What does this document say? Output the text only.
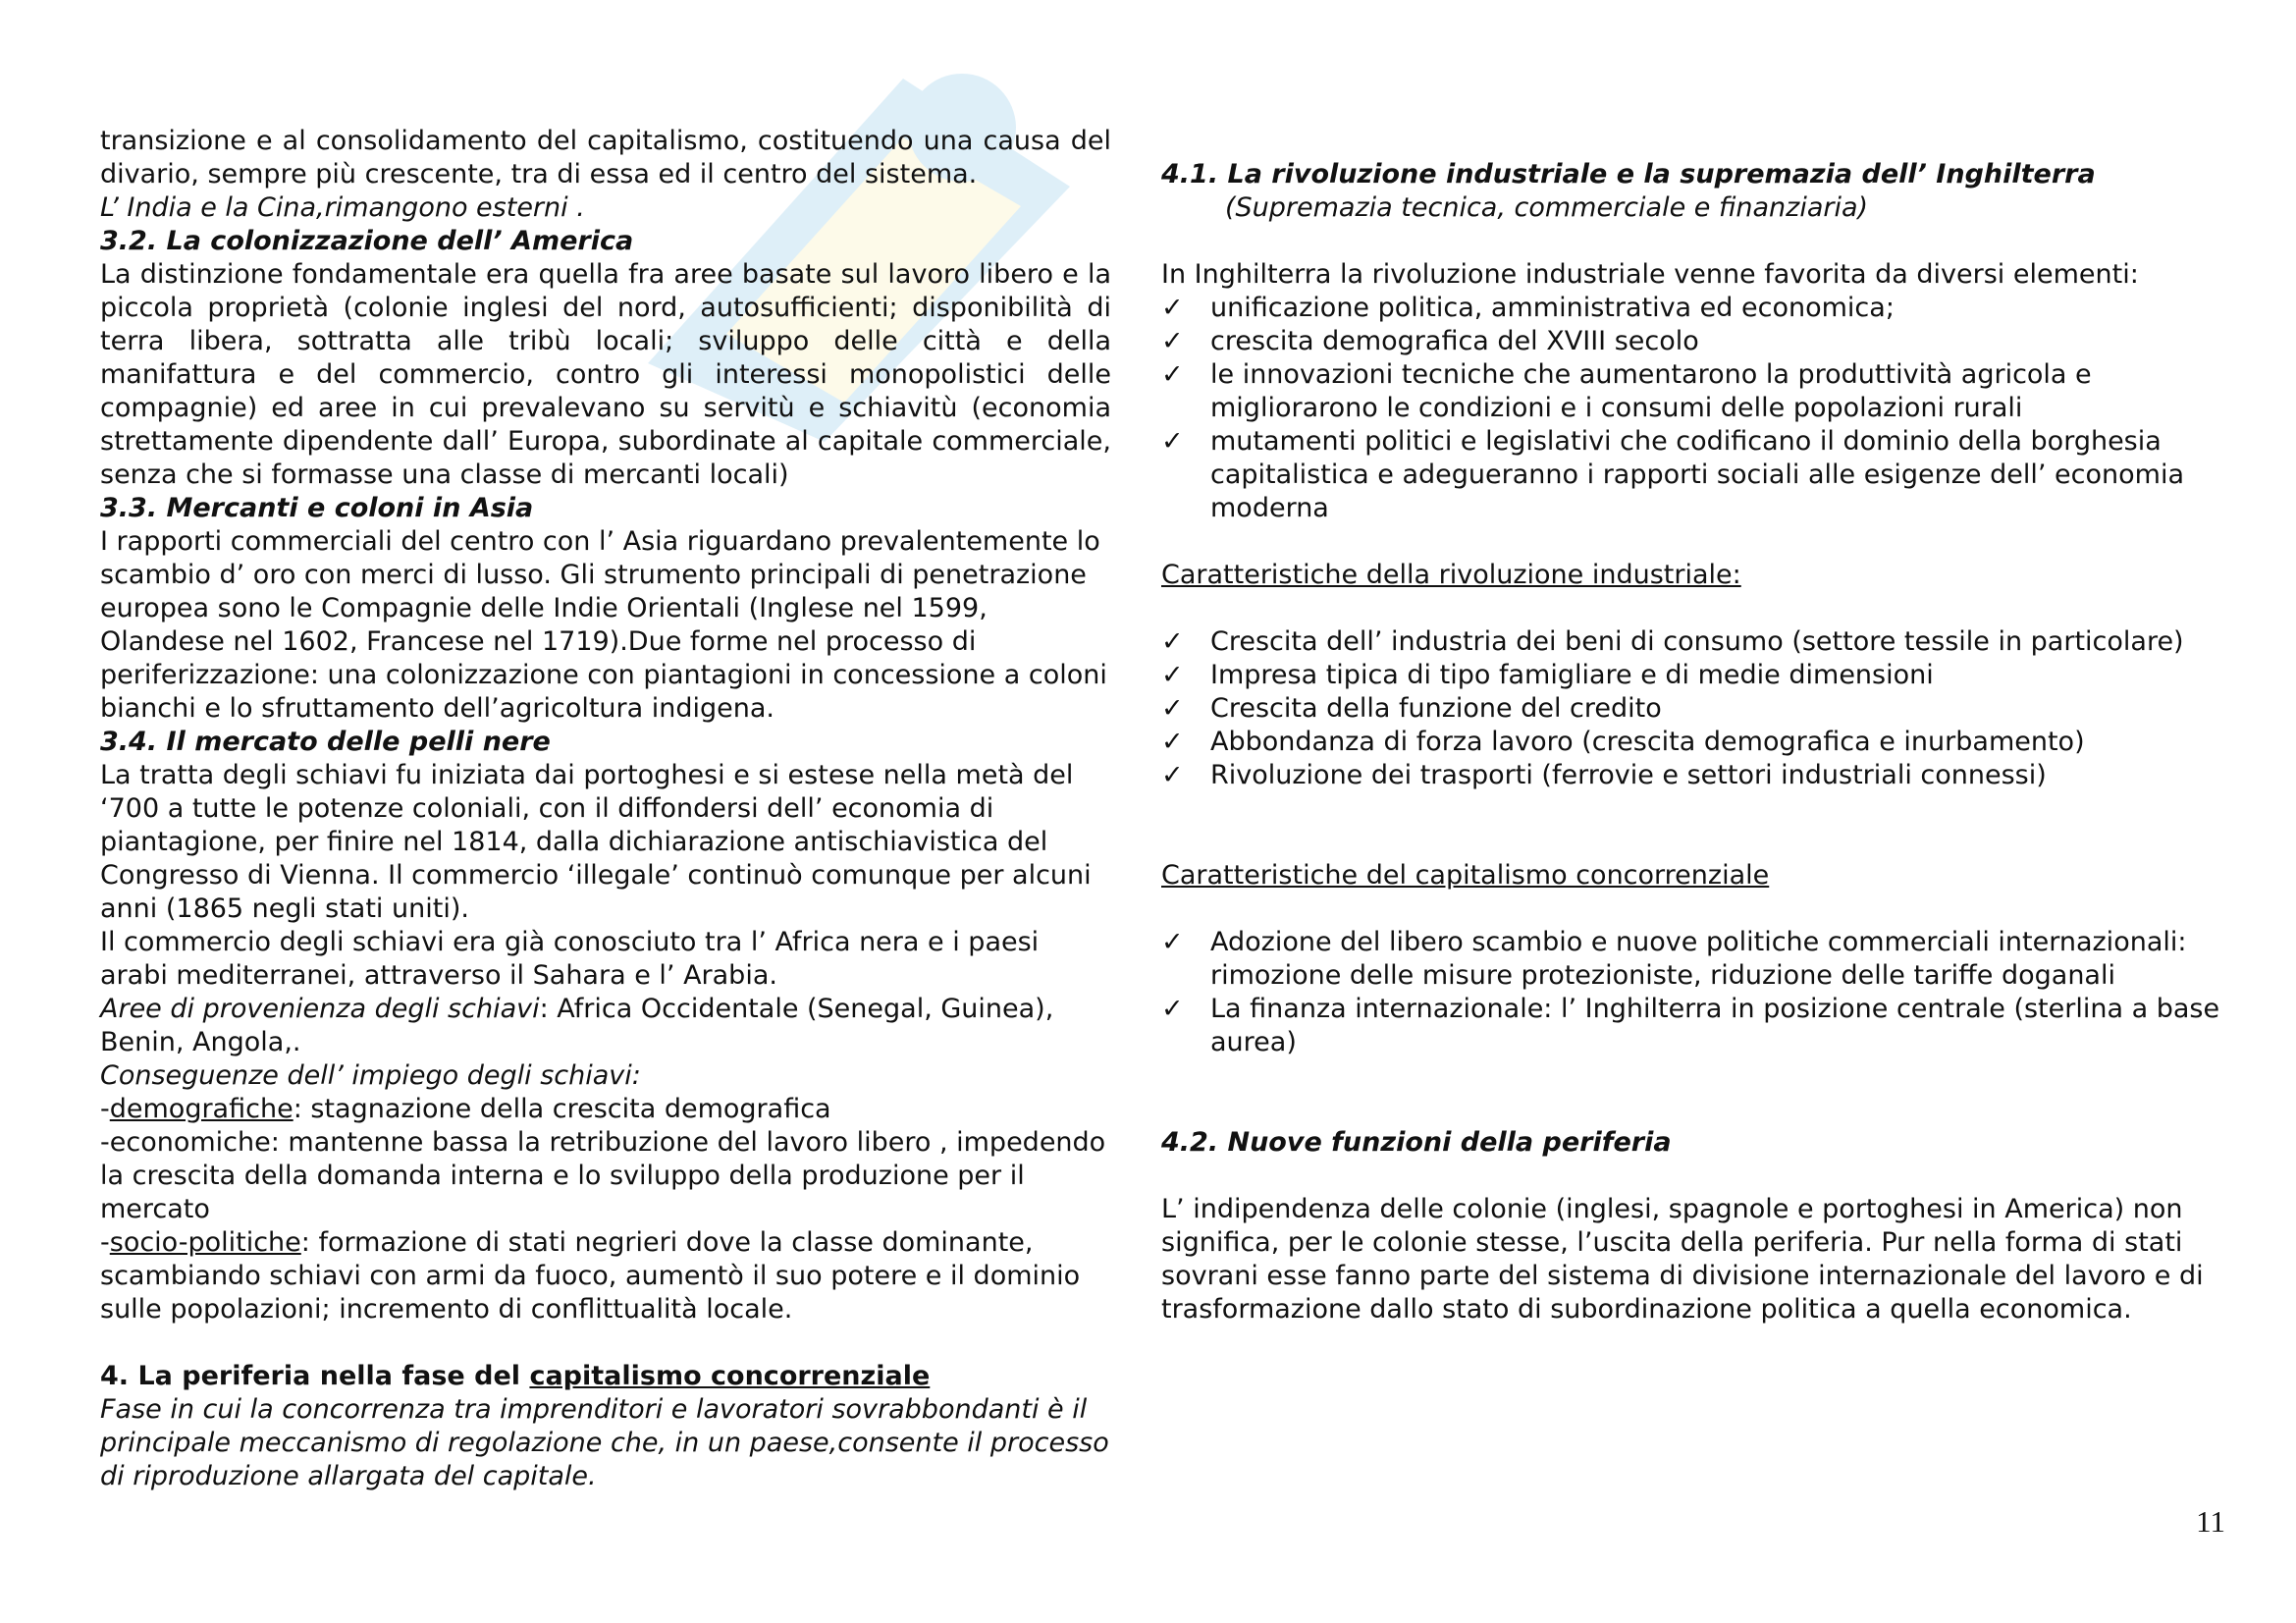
transizione e al consolidamento del capitalismo, costituendo una causa del divario, sempre più crescente, tra di essa ed il centro del sistema.

L’ India e la Cina,rimangono esterni .

3.2. La colonizzazione dell’ America

La distinzione fondamentale era quella fra aree basate sul lavoro libero e la piccola proprietà (colonie inglesi del nord, autosufficienti; disponibilità di terra libera, sottratta alle tribù locali; sviluppo delle città e della manifattura e del commercio, contro gli interessi monopolistici delle compagnie) ed aree in cui prevalevano su servitù e schiavitù (economia strettamente dipendente dall’ Europa, subordinate al capitale commerciale, senza che si formasse una classe di mercanti locali)

3.3. Mercanti e coloni in Asia

I rapporti commerciali del centro con l’ Asia riguardano prevalentemente lo scambio d’ oro con merci di lusso. Gli strumento principali di penetrazione europea sono le Compagnie delle Indie Orientali (Inglese nel 1599, Olandese nel 1602, Francese nel 1719).Due forme nel processo di periferizzazione: una colonizzazione con piantagioni in concessione a coloni bianchi e lo sfruttamento dell’agricoltura indigena.

3.4. Il mercato delle pelli nere

La tratta degli schiavi fu iniziata dai portoghesi e si estese nella metà del ‘700 a tutte le potenze coloniali, con il diffondersi dell’ economia di piantagione, per finire nel 1814, dalla dichiarazione antischiavistica del Congresso di Vienna. Il commercio ‘illegale’ continuò comunque per alcuni anni (1865 negli stati uniti).

Il commercio degli schiavi era già conosciuto tra l’ Africa nera e i paesi arabi mediterranei, attraverso il Sahara e l’ Arabia.

Aree di provenienza degli schiavi: Africa Occidentale (Senegal, Guinea), Benin, Angola,.

Conseguenze dell’ impiego degli schiavi:

-demografiche: stagnazione della crescita demografica

-economiche: mantenne bassa la retribuzione del lavoro libero , impedendo la crescita della domanda interna e lo sviluppo della produzione per il mercato

-socio-politiche: formazione di stati negrieri dove la classe dominante, scambiando schiavi con armi da fuoco, aumentò il suo potere e il dominio sulle popolazioni; incremento di conflittualità locale.

4. La periferia nella fase del capitalismo concorrenziale

Fase in cui la concorrenza tra imprenditori e lavoratori sovrabbondanti è il principale meccanismo di regolazione che, in un paese,consente il processo di riproduzione allargata del capitale.

4.1. La rivoluzione industriale e la supremazia dell’ Inghilterra

(Supremazia tecnica, commerciale e finanziaria)

In Inghilterra la rivoluzione industriale venne favorita da diversi elementi:

✓ unificazione politica, amministrativa ed economica;
✓ crescita demografica del XVIII secolo
✓ le innovazioni tecniche che aumentarono la produttività agricola e migliorarono le condizioni e i consumi delle popolazioni rurali
✓ mutamenti politici e legislativi che codificano il dominio della borghesia capitalistica e adegueranno i rapporti sociali alle esigenze dell’ economia moderna

Caratteristiche della rivoluzione industriale:

✓ Crescita dell’ industria dei beni di consumo (settore tessile in particolare)
✓ Impresa tipica di tipo famigliare e di medie dimensioni
✓ Crescita della funzione del credito
✓ Abbondanza di forza lavoro (crescita demografica e inurbamento)
✓ Rivoluzione dei trasporti (ferrovie e settori industriali connessi)

Caratteristiche del capitalismo concorrenziale

✓ Adozione del libero scambio e nuove politiche commerciali internazionali: rimozione delle misure protezioniste, riduzione delle tariffe doganali
✓ La finanza internazionale: l’ Inghilterra in posizione centrale (sterlina a base aurea)

4.2. Nuove funzioni della periferia

L’ indipendenza delle colonie (inglesi, spagnole e portoghesi in America) non significa, per le colonie stesse, l’uscita della periferia. Pur nella forma di stati sovrani esse fanno parte del sistema di divisione internazionale del lavoro e di trasformazione dallo stato di subordinazione politica a quella economica.

11
